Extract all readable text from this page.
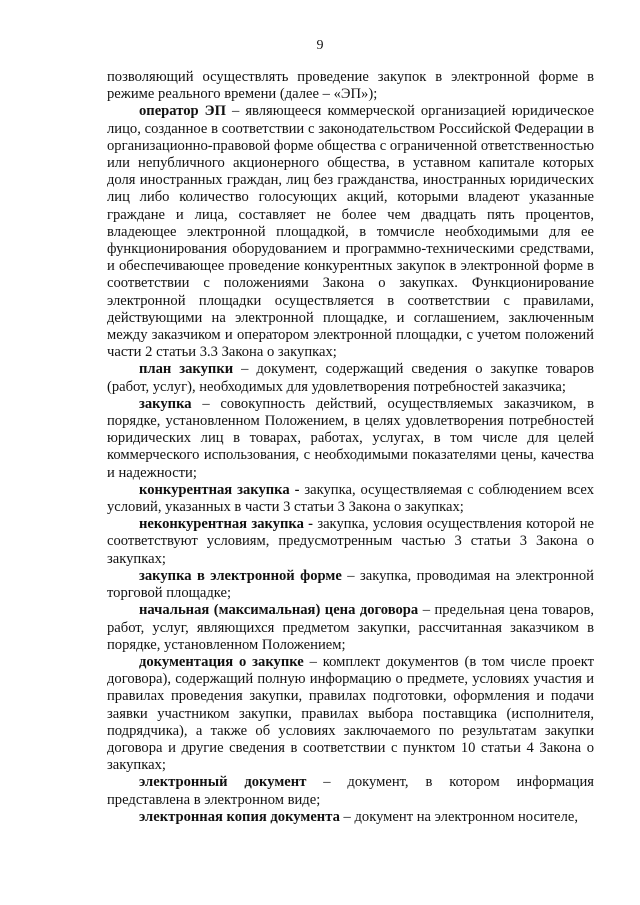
9

позволяющий осуществлять проведение закупок в электронной форме в режиме реального времени (далее – «ЭП»);

оператор ЭП – являющееся коммерческой организацией юридическое лицо, созданное в соответствии с законодательством Российской Федерации в организационно-правовой форме общества с ограниченной ответственностью или непубличного акционерного общества, в уставном капитале которых доля иностранных граждан, лиц без гражданства, иностранных юридических лиц либо количество голосующих акций, которыми владеют указанные граждане и лица, составляет не более чем двадцать пять процентов, владеющее электронной площадкой, в томчисле необходимыми для ее функционирования оборудованием и программно-техническими средствами, и обеспечивающее проведение конкурентных закупок в электронной форме в соответствии с положениями Закона о закупках. Функционирование электронной площадки осуществляется в соответствии с правилами, действующими на электронной площадке, и соглашением, заключенным между заказчиком и оператором электронной площадки, с учетом положений части 2 статьи 3.3 Закона о закупках;

план закупки – документ, содержащий сведения о закупке товаров (работ, услуг), необходимых для удовлетворения потребностей заказчика;

закупка – совокупность действий, осуществляемых заказчиком, в порядке, установленном Положением, в целях удовлетворения потребностей юридических лиц в товарах, работах, услугах, в том числе для целей коммерческого использования, с необходимыми показателями цены, качества и надежности;

конкурентная закупка - закупка, осуществляемая с соблюдением всех условий, указанных в части 3 статьи 3 Закона о закупках;

неконкурентная закупка - закупка, условия осуществления которой не соответствуют условиям, предусмотренным частью 3 статьи 3 Закона о закупках;

закупка в электронной форме – закупка, проводимая на электронной торговой площадке;

начальная (максимальная) цена договора – предельная цена товаров, работ, услуг, являющихся предметом закупки, рассчитанная заказчиком в порядке, установленном Положением;

документация о закупке – комплект документов (в том числе проект договора), содержащий полную информацию о предмете, условиях участия и правилах проведения закупки, правилах подготовки, оформления и подачи заявки участником закупки, правилах выбора поставщика (исполнителя, подрядчика), а также об условиях заключаемого по результатам закупки договора и другие сведения в соответствии с пунктом 10 статьи 4 Закона о закупках;

электронный документ – документ, в котором информация представлена в электронном виде;

электронная копия документа – документ на электронном носителе,
